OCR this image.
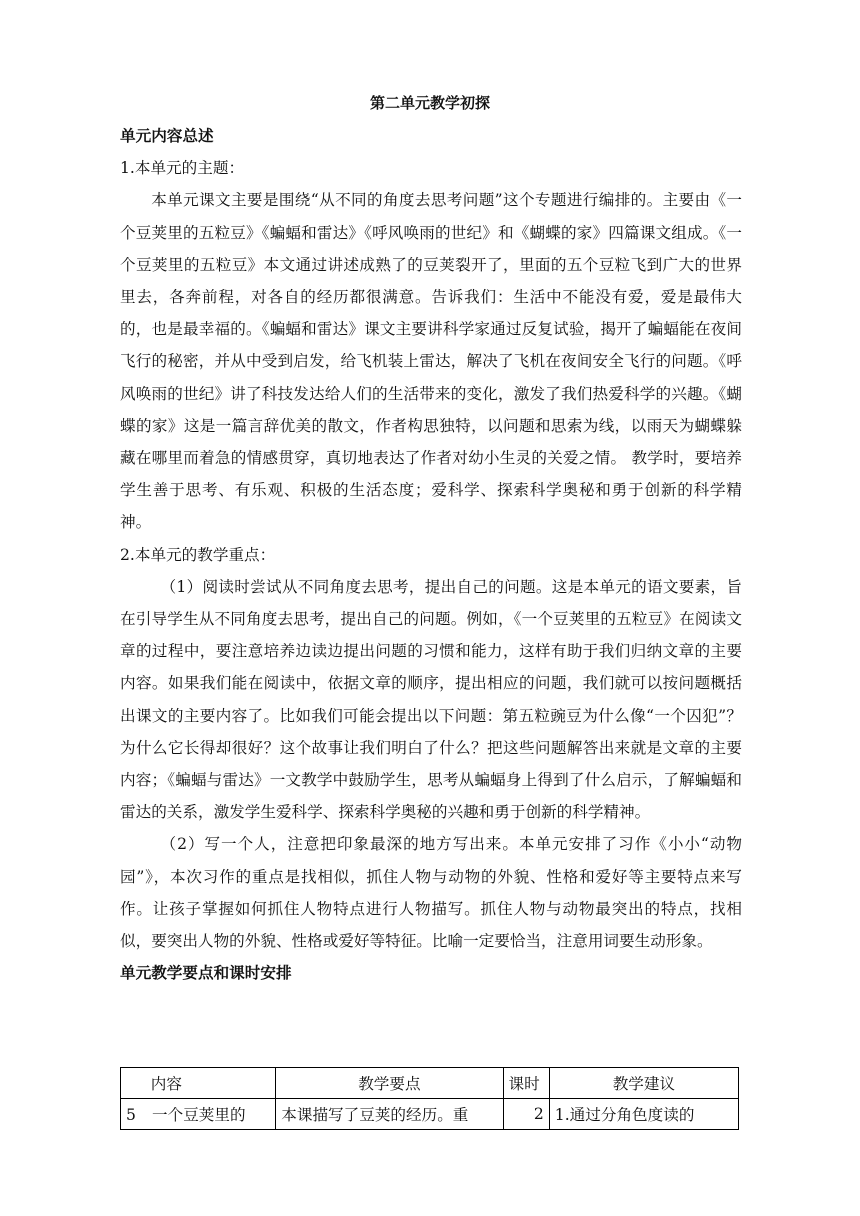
第二单元教学初探

单元内容总述

1.本单元的主题：

本单元课文主要是围绕“从不同的角度去思考问题”这个专题进行编排的。主要由《一个豆荚里的五粒豆》《蝙蝠和雷达》《呼风唤雨的世纪》和《蝴蝶的家》四篇课文组成。《一个豆荚里的五粒豆》本文通过讲述成熟了的豆荚裂开了，里面的五个豆粒飞到广大的世界里去，各奔前程，对各自的经历都很满意。告诉我们：生活中不能没有爱，爱是最伟大的，也是最幸福的。《蝙蝠和雷达》课文主要讲科学家通过反复试验，揭开了蝙蝠能在夜间飞行的秘密，并从中受到启发，给飞机装上雷达，解决了飞机在夜间安全飞行的问题。《呼风唤雨的世纪》讲了科技发达给人们的生活带来的变化，激发了我们热爱科学的兴趣。《蝴蝶的家》这是一篇言辞优美的散文，作者构思独特，以问题和思索为线，以雨天为蝴蝶躲藏在哪里而着急的情感贯穿，真切地表达了作者对幼小生灵的关爱之情。 教学时，要培养学生善于思考、有乐观、积极的生活态度；爱科学、探索科学奥秘和勇于创新的科学精神。

2.本单元的教学重点：

（1）阅读时尝试从不同角度去思考，提出自己的问题。这是本单元的语文要素，旨在引导学生从不同角度去思考，提出自己的问题。例如，《一个豆荚里的五粒豆》在阅读文章的过程中，要注意培养边读边提出问题的习惯和能力，这样有助于我们归纳文章的主要内容。如果我们能在阅读中，依据文章的顺序，提出相应的问题，我们就可以按问题概括出课文的主要内容了。比如我们可能会提出以下问题：第五粒豌豆为什么像“一个囚犯”？为什么它长得却很好？这个故事让我们明白了什么？把这些问题解答出来就是文章的主要内容；《蝙蝠与雷达》一文教学中鼓励学生，思考从蝙蝠身上得到了什么启示，了解蝙蝠和雷达的关系，激发学生爱科学、探索科学奥秘的兴趣和勇于创新的科学精神。

（2）写一个人，注意把印象最深的地方写出来。本单元安排了习作《小小“动物园”》，本次习作的重点是找相似，抓住人物与动物的外貌、性格和爱好等主要特点来写作。让孩子掌握如何抓住人物特点进行人物描写。抓住人物与动物最突出的特点，找相似，要突出人物的外貌、性格或爱好等特征。比喻一定要恰当，注意用词要生动形象。

单元教学要点和课时安排

内容	教学要点	课时	教学建议
5 一个豆荚里的	本课描写了豆荚的经历。重	2	1.通过分角色度读的
